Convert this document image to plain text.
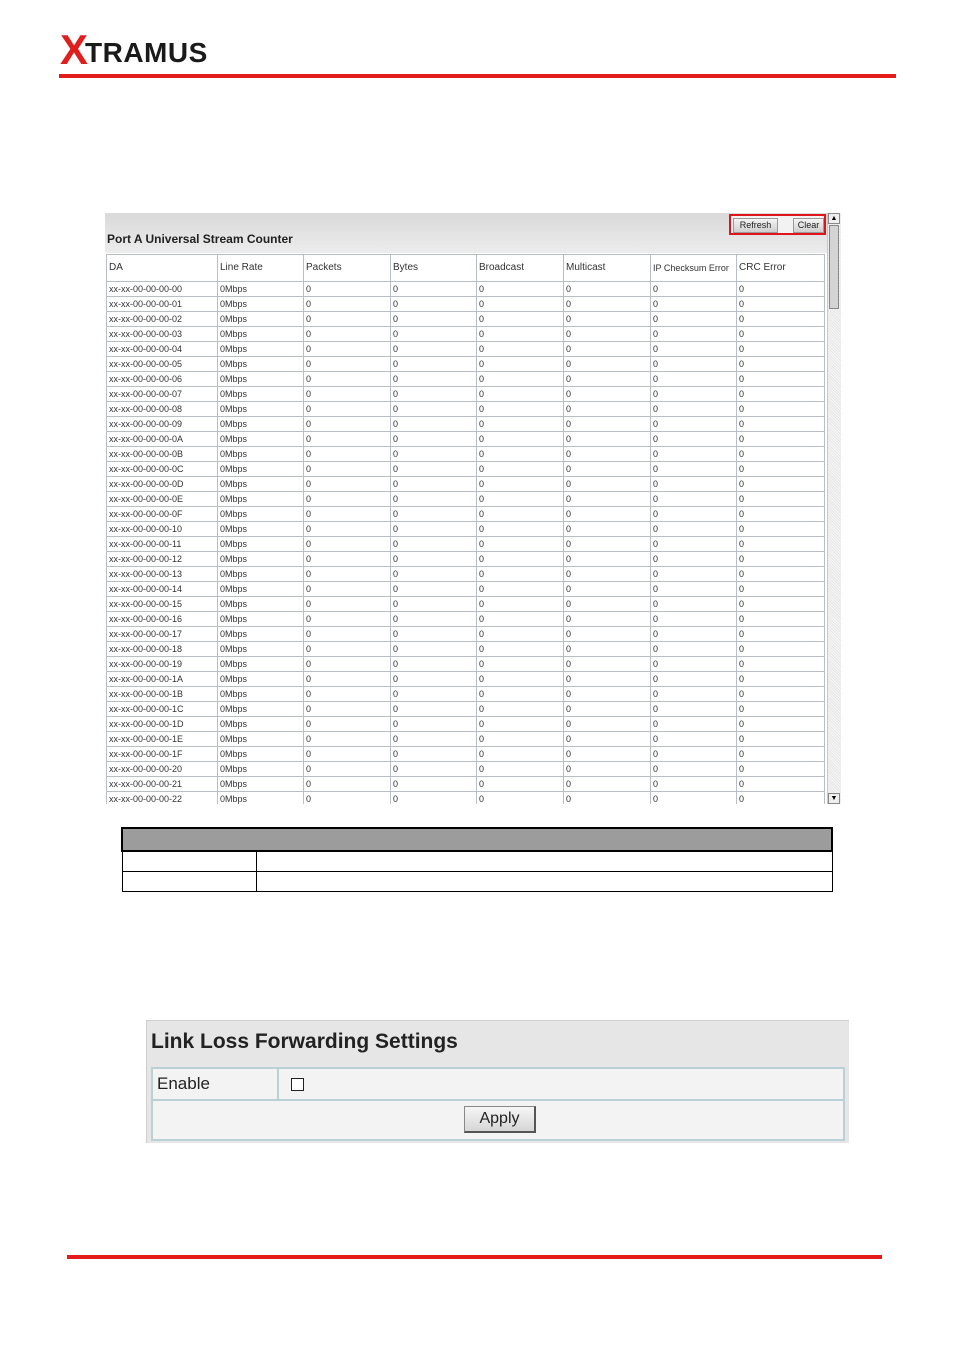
X
TRAMUS
Port A Universal Stream Counter
Refresh	Clear
DA	Line Rate	Packets	Bytes	Broadcast	Multicast	IP Checksum Error	CRC Error
xx-xx-00-00-00-00	0Mbps	0	0	0	0	0	0
xx-xx-00-00-00-01	0Mbps	0	0	0	0	0	0
xx-xx-00-00-00-02	0Mbps	0	0	0	0	0	0
xx-xx-00-00-00-03	0Mbps	0	0	0	0	0	0
xx-xx-00-00-00-04	0Mbps	0	0	0	0	0	0
xx-xx-00-00-00-05	0Mbps	0	0	0	0	0	0
xx-xx-00-00-00-06	0Mbps	0	0	0	0	0	0
xx-xx-00-00-00-07	0Mbps	0	0	0	0	0	0
xx-xx-00-00-00-08	0Mbps	0	0	0	0	0	0
xx-xx-00-00-00-09	0Mbps	0	0	0	0	0	0
xx-xx-00-00-00-0A	0Mbps	0	0	0	0	0	0
xx-xx-00-00-00-0B	0Mbps	0	0	0	0	0	0
xx-xx-00-00-00-0C	0Mbps	0	0	0	0	0	0
xx-xx-00-00-00-0D	0Mbps	0	0	0	0	0	0
xx-xx-00-00-00-0E	0Mbps	0	0	0	0	0	0
xx-xx-00-00-00-0F	0Mbps	0	0	0	0	0	0
xx-xx-00-00-00-10	0Mbps	0	0	0	0	0	0
xx-xx-00-00-00-11	0Mbps	0	0	0	0	0	0
xx-xx-00-00-00-12	0Mbps	0	0	0	0	0	0
xx-xx-00-00-00-13	0Mbps	0	0	0	0	0	0
xx-xx-00-00-00-14	0Mbps	0	0	0	0	0	0
xx-xx-00-00-00-15	0Mbps	0	0	0	0	0	0
xx-xx-00-00-00-16	0Mbps	0	0	0	0	0	0
xx-xx-00-00-00-17	0Mbps	0	0	0	0	0	0
xx-xx-00-00-00-18	0Mbps	0	0	0	0	0	0
xx-xx-00-00-00-19	0Mbps	0	0	0	0	0	0
xx-xx-00-00-00-1A	0Mbps	0	0	0	0	0	0
xx-xx-00-00-00-1B	0Mbps	0	0	0	0	0	0
xx-xx-00-00-00-1C	0Mbps	0	0	0	0	0	0
xx-xx-00-00-00-1D	0Mbps	0	0	0	0	0	0
xx-xx-00-00-00-1E	0Mbps	0	0	0	0	0	0
xx-xx-00-00-00-1F	0Mbps	0	0	0	0	0	0
xx-xx-00-00-00-20	0Mbps	0	0	0	0	0	0
xx-xx-00-00-00-21	0Mbps	0	0	0	0	0	0
xx-xx-00-00-00-22	0Mbps	0	0	0	0	0	0
▲
▼

Link Loss Forwarding Settings
Enable
Apply
